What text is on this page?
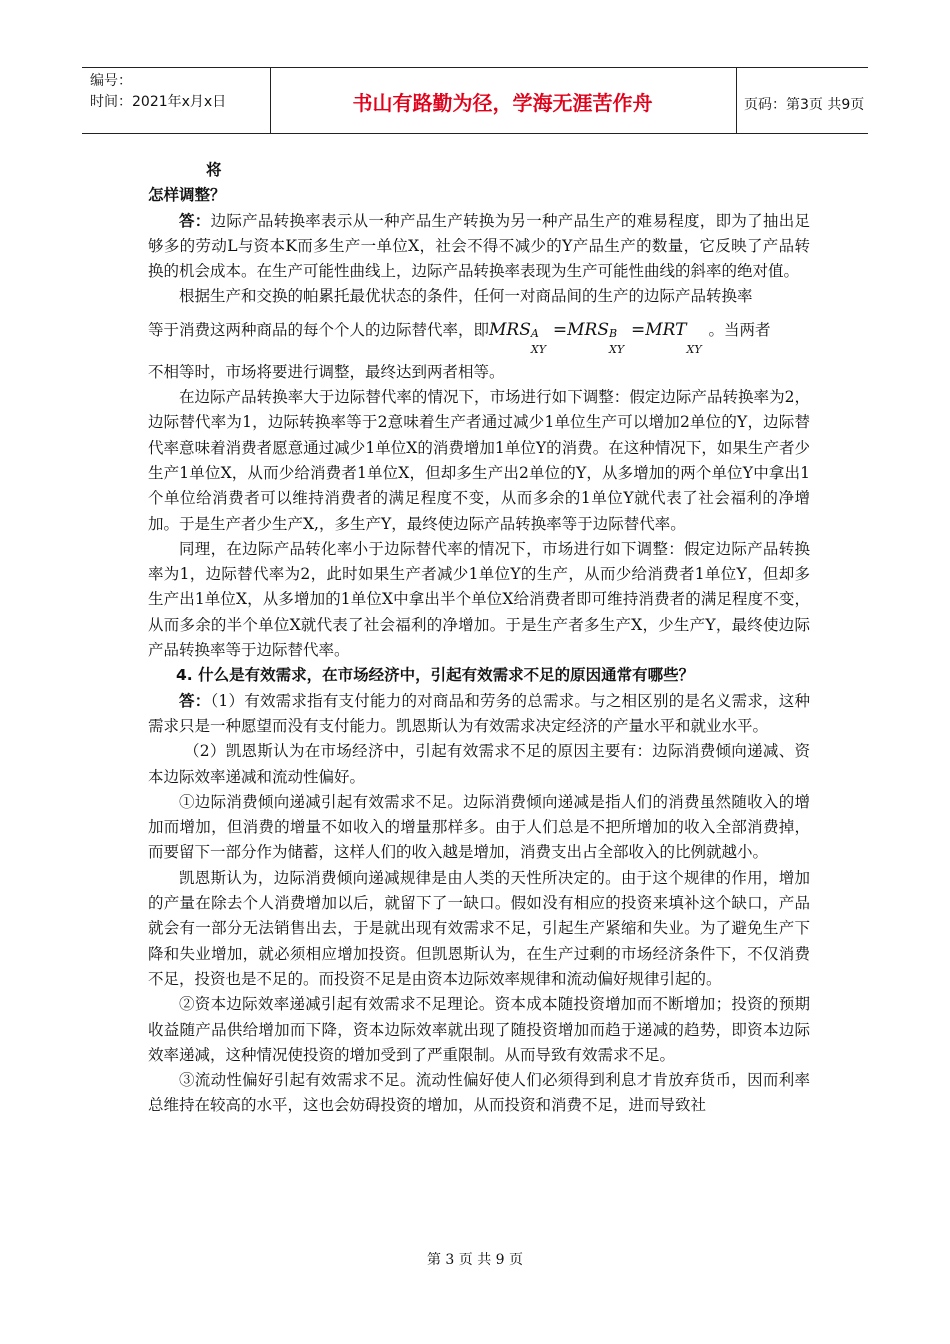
编号：
时间：2021年x月x日	书山有路勤为径，学海无涯苦作舟	页码：第3页 共9页

将

怎样调整？

答：边际产品转换率表示从一种产品生产转换为另一种产品生产的难易程度，即为了抽出足够多的劳动L与资本K而多生产一单位X，社会不得不减少的Y产品生产的数量，它反映了产品转换的机会成本。在生产可能性曲线上，边际产品转换率表现为生产可能性曲线的斜率的绝对值。

根据生产和交换的帕累托最优状态的条件，任何一对商品间的生产的边际产品转换率

等于消费这两种商品的每个个人的边际替代率，即MRS A
XY
=MRS B
XY
=MRT
XY
。当两者

不相等时，市场将要进行调整，最终达到两者相等。

在边际产品转换率大于边际替代率的情况下，市场进行如下调整：假定边际产品转换率为2，边际替代率为1，边际转换率等于2意味着生产者通过减少1单位生产可以增加2单位的Y，边际替代率意味着消费者愿意通过减少1单位X的消费增加1单位Y的消费。在这种情况下，如果生产者少生产1单位X，从而少给消费者1单位X，但却多生产出2单位的Y，从多增加的两个单位Y中拿出1个单位给消费者可以维持消费者的满足程度不变，从而多余的1单位Y就代表了社会福利的净增加。于是生产者少生产X,，多生产Y，最终使边际产品转换率等于边际替代率。

同理，在边际产品转化率小于边际替代率的情况下，市场进行如下调整：假定边际产品转换率为1，边际替代率为2，此时如果生产者减少1单位Y的生产，从而少给消费者1单位Y，但却多生产出1单位X，从多增加的1单位X中拿出半个单位X给消费者即可维持消费者的满足程度不变，从而多余的半个单位X就代表了社会福利的净增加。于是生产者多生产X，少生产Y，最终使边际产品转换率等于边际替代率。

4. 什么是有效需求，在市场经济中，引起有效需求不足的原因通常有哪些？

答：（1）有效需求指有支付能力的对商品和劳务的总需求。与之相区别的是名义需求，这种需求只是一种愿望而没有支付能力。凯恩斯认为有效需求决定经济的产量水平和就业水平。

（2）凯恩斯认为在市场经济中，引起有效需求不足的原因主要有：边际消费倾向递减、资本边际效率递减和流动性偏好。

①边际消费倾向递减引起有效需求不足。边际消费倾向递减是指人们的消费虽然随收入的增加而增加，但消费的增量不如收入的增量那样多。由于人们总是不把所增加的收入全部消费掉，而要留下一部分作为储蓄，这样人们的收入越是增加，消费支出占全部收入的比例就越小。

凯恩斯认为，边际消费倾向递减规律是由人类的天性所决定的。由于这个规律的作用，增加的产量在除去个人消费增加以后，就留下了一缺口。假如没有相应的投资来填补这个缺口，产品就会有一部分无法销售出去，于是就出现有效需求不足，引起生产紧缩和失业。为了避免生产下降和失业增加，就必须相应增加投资。但凯恩斯认为，在生产过剩的市场经济条件下，不仅消费不足，投资也是不足的。而投资不足是由资本边际效率规律和流动偏好规律引起的。

②资本边际效率递减引起有效需求不足理论。资本成本随投资增加而不断增加；投资的预期收益随产品供给增加而下降，资本边际效率就出现了随投资增加而趋于递减的趋势，即资本边际效率递减，这种情况使投资的增加受到了严重限制。从而导致有效需求不足。

③流动性偏好引起有效需求不足。流动性偏好使人们必须得到利息才肯放弃货币，因而利率总维持在较高的水平，这也会妨碍投资的增加，从而投资和消费不足，进而导致社

第 3 页 共 9 页
